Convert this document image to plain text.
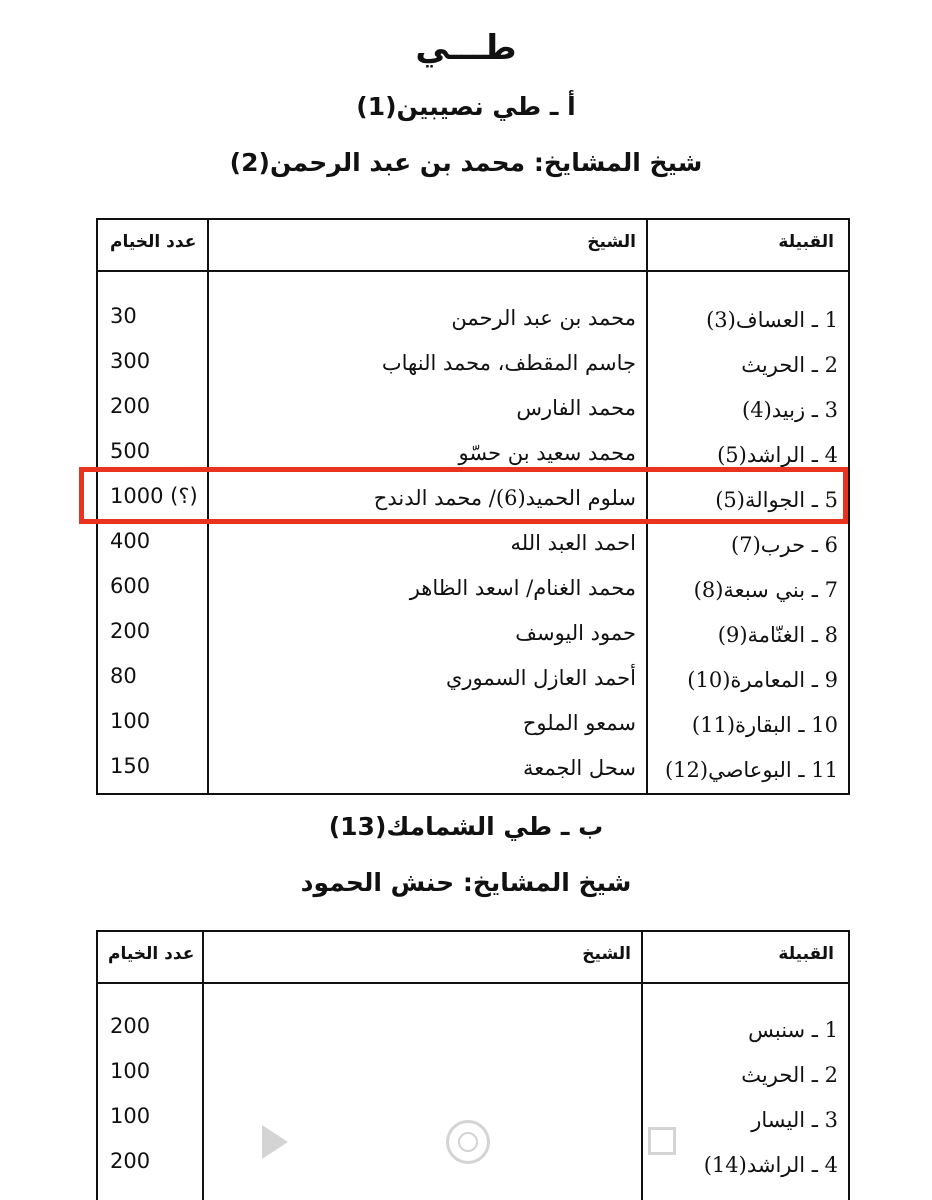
طـــي
أ ـ طي نصيبين(1)
شيخ المشايخ: محمد بن عبد الرحمن(2)
القبيلة
الشيخ
عدد الخيام
1 ـ العساف(3)
محمد بن عبد الرحمن
30
2 ـ الحريث
جاسم المقطف، محمد النهاب
300
3 ـ زبيد(4)
محمد الفارس
200
4 ـ الراشد(5)
محمد سعيد بن حسّو
500
5 ـ الجوالة(5)
سلوم الحميد(6)/ محمد الدندح
1000 (؟)
6 ـ حرب(7)
احمد العبد الله
400
7 ـ بني سبعة(8)
محمد الغنام/ اسعد الظاهر
600
8 ـ الغنّامة(9)
حمود اليوسف
200
9 ـ المعامرة(10)
أحمد العازل السموري
80
10 ـ البقارة(11)
سمعو الملوح
100
11 ـ البوعاصي(12)
سحل الجمعة
150
ب ـ طي الشمامك(13)
شيخ المشايخ: حنش الحمود
القبيلة
الشيخ
عدد الخيام
1 ـ سنبس
200
2 ـ الحريث
100
3 ـ اليسار
100
4 ـ الراشد(14)
200
